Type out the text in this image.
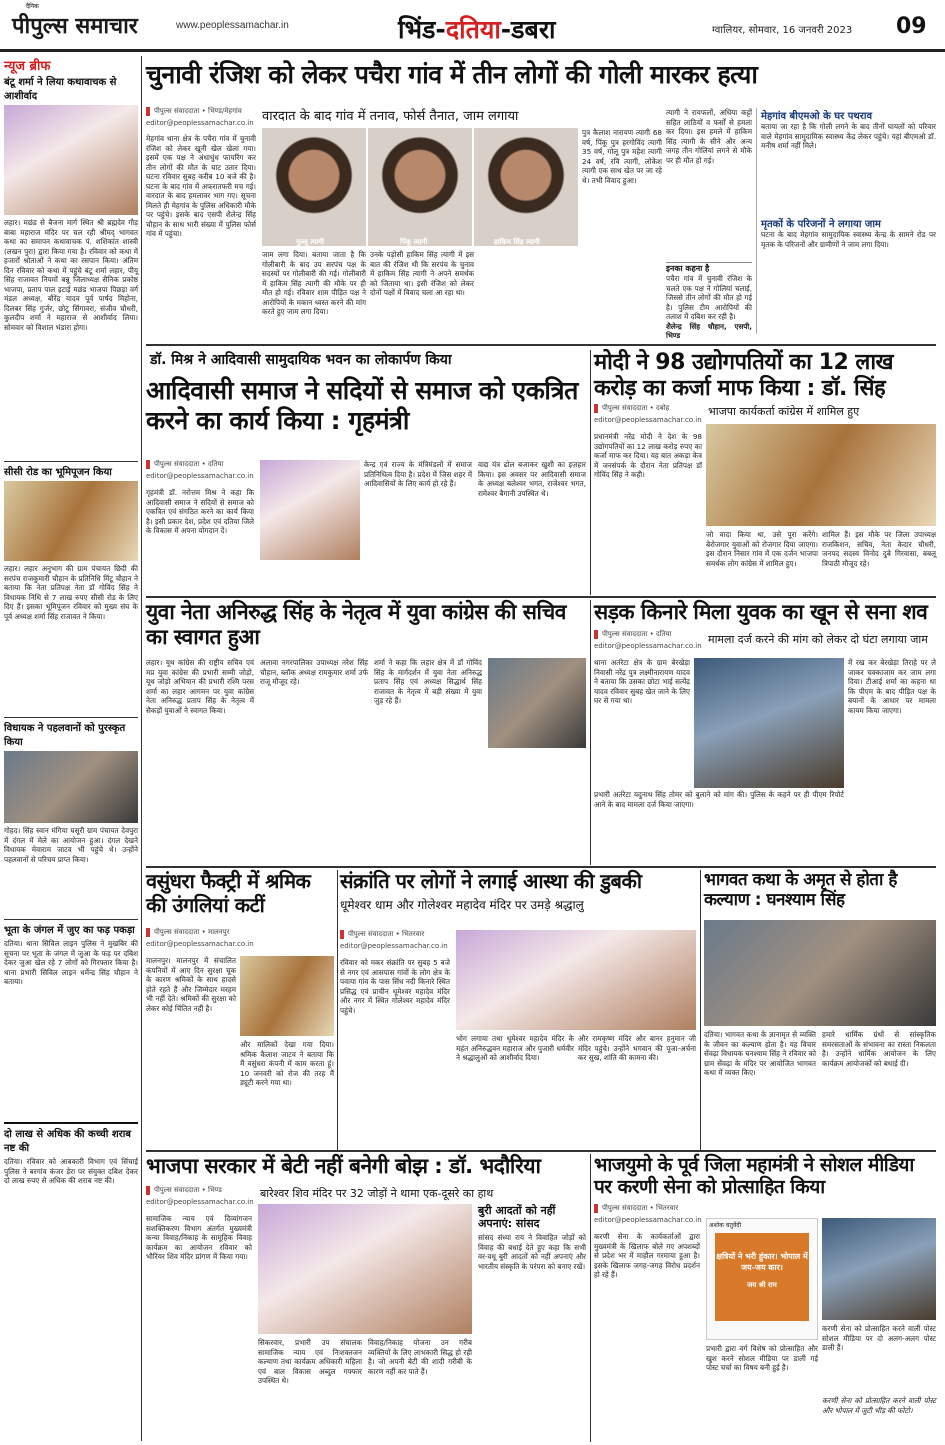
दैनिक
पीपुल्स समाचार	www.peoplessamachar.in	भिंड-दतिया-डबरा	ग्वालियर, सोमवार, 16 जनवरी 2023 09
न्यूज ब्रीफ
बंटू शर्मा ने लिया कथावाचक से आशीर्वाद
लहार। मछंड से बैजना मार्ग स्थित श्री ब्रह्मदेव गौड़ बाबा महाराज मंदिर पर चल रही श्रीमद् भागवत कथा का समापन कथावाचक पं. शशिकांत शास्त्री (लखन पुरा) द्वारा किया गया है। रविवार को कथा में हजारों श्रोताओं ने कथा का रसपान किया। अंतिम दिन रविवार को कथा में पहुंचे बंटू शर्मा लहार, पीयू सिंह राजावत नियमों बन्नू जिलाध्यक्ष सैनिक प्रकोष्ठ भाजपा, प्रताप पाल इटाई मछंड भाजपा पिछड़ा वर्ग मंडल अध्यक्ष, बौरेंद्र यादव पूर्व पार्षद मिहोना, दिलबर सिंह गुर्जर, छोटू सिंगावरा, संजीव चौधरी, कुलदीप शर्मा ने महाराज से आशीर्वाद लिया। सोमवार को विशाल भंडारा होगा।
सीसी रोड का भूमिपूजन किया
लहार। लहार अनुभाग की ग्राम पंचायत छिदी की सरपंच राजकुमारी चौहान के प्रतिनिधि मिंटू चौहान ने बताया कि नेता प्रतिपक्ष नेता डॉ गोविंद सिंह ने विधायक निधि से 7 लाख रुपए सीसी रोड के लिए दिए हैं। इसका भूमिपूजन रविवार को मुख्य संघ के पूर्व अध्यक्ष शर्मा सिंह राजावत ने किया।
विधायक ने पहलवानों को पुरस्कृत किया
गोहद। सिंह स्वान मंगिया घसूरी ग्राम पंचायत देवपुरा में दंगल में मेले का आयोजन हुआ। दंगल देखने विधायक मेवाराम जाटव भी पहुंचे थे। उन्होंने पहलवानों से परिचय प्राप्त किया।
भूता के जंगल में जुए का फड़ पकड़ा
दतिया। थाना सिविल लाइन पुलिस ने मुखबिर की सूचना पर भूता के जंगल में जुआ के फड़ पर दबिश देकर जुआ खेल रहे 7 लोगों को गिरफ्तार किया है। थाना प्रभारी सिविल लाइन धर्मेन्द्र सिंह चौहान ने बताया।
दो लाख से अधिक की कच्ची शराब नष्ट की
दतिया। रविवार को आबकारी विभाग एवं सिंचाई पुलिस ने बरगांव कंजर डेरा पर संयुक्त दबिश देकर दो लाख रुपए से अधिक की शराब नष्ट की।
चुनावी रंजिश को लेकर पचैरा गांव में तीन लोगों की गोली मारकर हत्या
पीपुल्स संवाददाता • भिण्ड/मेहगांव
editor@peoplessamachar.co.in वारदात के बाद गांव में तनाव, फोर्स तैनात, जाम लगाया
मेहगांव थाना क्षेत्र के पचैरा गांव में चुनावी रंजिश को लेकर खूनी खेल खेला गया। इसमें एक पक्ष ने अंधाधुंध फायरिंग कर तीन लोगों की मौत के घाट उतार दिया। घटना रविवार सुबह करीब 10 बजे की है। घटना के बाद गांव में अफरातफरी मच गई। वारदात के बाद हमलावर भाग गए। सूचना मिलते ही मेहगांव के पुलिस अधिकारी मौके पर पहुंचे। इसके बाद एसपी शैलेन्द्र सिंह चौहान के साथ भारी संख्या में पुलिस फोर्स गांव में पहुंचा।
गुल्लू त्यागी	पिंकू त्यागी	हाकिम सिंह त्यागी
जाम लगा दिया। बताया जाता है कि गोलीबारी के बाद उप सरपंच पक्ष के सदस्यों पर गोलीबारी की गई। गोलीबारी में हाकिम सिंह त्यागी की मौके पर ही मौत हो गई। रविवार शाम पीड़ित पक्ष ने आरोपियों के मकान ध्वस्त करने की मांग करते हुए जाम लगा दिया।
उनके पड़ोसी हाकिम सिंह त्यागी में इस बात की रंजिश थी कि सरपंच के चुनाव में हाकिम सिंह त्यागी ने अपने समर्थक को जिताया था। इसी रंजिश को लेकर दोनों पक्षों में विवाद चला आ रहा था।
पुत्र कैलाश नारायण त्यागी 68 वर्ष, पिंकू पुत्र हरगोविंद त्यागी 35 वर्ष, गोलू पुत्र महेश त्यागी 24 वर्ष, रवि त्यागी, लोकेश त्यागी एक साथ खेत पर जा रहे थे। तभी विवाद हुआ।
त्यागी ने रायफलों, अधिया कट्टों सहित लाठियों व फर्सों से हमला कर दिया। इस हमले में हाकिम सिंह त्यागी के सीने और अन्य जगह तीन गोलियां लगने से मौके पर ही मौत हो गई।
इनका कहना है
पचैरा गांव में चुनावी रंजिश के चलते एक पक्ष ने गोलियां चलाई, जिससे तीन लोगों की मौत हो गई है। पुलिस टीम आरोपियों की तलाश में दबिश कर रही है।
शैलेन्द्र सिंह चौहान, एसपी, भिण्ड
मेहगांव बीएमओ के घर पथराव
बताया जा रहा है कि गोली लगने के बाद तीनों घायलों को परिवार वाले मेहगांव सामुदायिक स्वास्थ्य केंद्र लेकर पहुंचे। यहां बीएमओ डॉ. मनीष शर्मा नहीं मिले।
मृतकों के परिजनों ने लगाया जाम
घटना के बाद मेहगांव सामुदायिक स्वास्थ्य केन्द्र के सामने रोड पर मृतक के परिजनों और ग्रामीणों ने जाम लगा दिया।
डॉ. मिश्र ने आदिवासी सामुदायिक भवन का लोकार्पण किया
आदिवासी समाज ने सदियों से समाज को एकत्रित करने का कार्य किया : गृहमंत्री
पीपुल्स संवाददाता • दतिया
editor@peoplessamachar.co.in
गृहमंत्री डॉ. नरोत्तम मिश्र ने कहा कि आदिवासी समाज ने सदियों से समाज को एकत्रित एवं संगठित करने का कार्य किया है। इसी प्रकार देश, प्रदेश एवं दतिया जिले के विकास में अपना योगदान दें।
केन्द्र एवं राज्य के मंत्रिमंडलों में समाज प्रतिनिधित्व दिया है। प्रदेश में जिस शहर में आदिवासियों के लिए कार्य हो रहे हैं।
वाद्य यंत्र ढोल बजाकर खुशी का इज़हार किया। इस अवसर पर आदिवासी समाज के अध्यक्ष बलेश्वर भगत, राजेश्वर भगत, रामेश्वर बैगानी उपस्थित थे।
मोदी ने 98 उद्योगपतियों का 12 लाख करोड़ का कर्जा माफ किया : डॉ. सिंह
पीपुल्स संवाददाता • दबोह
editor@peoplessamachar.co.in
भाजपा कार्यकर्ता कांग्रेस में शामिल हुए
प्रधानमंत्री नरेंद्र मोदी ने देश के 98 उद्योगपतियों का 12 लाख करोड़ रुपए का कर्जा माफ कर दिया। यह बात अकड़ा केत्र में जनसंपर्क के दौरान नेता प्रतिपक्ष डॉ गोविंद सिंह ने कही।
जो वादा किया था, उसे पूरा करेंगे। बेरोजगार युवाओं को रोजगार दिया जाएगा। इस दौरान निसार गांव में एक दर्जन भाजपा समर्थक लोग कांग्रेस में शामिल हुए।
शामिल हैं। इस मौके पर जिला उपाध्यक्ष राजकिशन, सचिव, नेता केदार चौधरी, जनपद सदस्य विनोद दुबे गिरवासा, बबलू त्रिपाठी मौजूद रहे।
युवा नेता अनिरुद्ध सिंह के नेतृत्व में युवा कांग्रेस की सचिव का स्वागत हुआ
लहार। यूथ कांग्रेस की राष्ट्रीय सचिव एवं मप्र युवा कांग्रेस की प्रभारी सम्मी जोड़ो, यूथ जोड़ो अभियान की प्रभारी रश्मि परस शर्मा का लहार आगमन पर युवा कांग्रेस नेता अनिरुद्ध प्रताप सिंह के नेतृत्व में सैकड़ों युवाओं ने स्वागत किया।
अलावा नगरपालिका उपाध्यक्ष नरेश सिंह चौहान, ब्लॉक अध्यक्ष रामकुमार शर्मा उर्फ राजू मौजूद रहे।
शर्मा ने कहा कि लहार क्षेत्र में डॉ गोविंद सिंह के मार्गदर्शन में युवा नेता अनिरुद्ध प्रताप सिंह एवं अध्यक्ष सिद्धार्थ सिंह राजावत के नेतृत्व में बड़ी संख्या में युवा जुड़ रहे हैं।
सड़क किनारे मिला युवक का खून से सना शव
पीपुल्स संवाददाता • दतिया
editor@peoplessamachar.co.in मामला दर्ज करने की मांग को लेकर दो घंटा लगाया जाम
थाना अतंरेटा क्षेत्र के ग्राम बेरखेड़ा निवासी नरेंद्र पुत्र लक्ष्मीनारायण यादव ने बताया कि उसका छोटा भाई सत्येंद्र यादव रविवार सुबह खेत जाने के लिए घर से गया था।
में रख कर बेरखेड़ा तिराहे पर ले जाकर चक्काजाम कर जाम लगा दिया। टीआई शर्मा का कहना था कि पीएम के बाद पीड़ित पक्ष के बयानों के आधार पर मामला कायम किया जाएगा।
प्रभारी अतंरेटा यदुनाथ सिंह तोमर को बुलाने को मांग की। पुलिस के कहने पर ही पीएम रिपोर्ट आने के बाद मामला दर्ज किया जाएगा।
वसुंधरा फैक्ट्री में श्रमिक की उंगलियां कटीं
पीपुल्स संवाददाता • मालनपुर
editor@peoplessamachar.co.in
मालनपुर। मालनपुर में संचालित कंपनियों में आए दिन सुरक्षा चूक के कारण श्रमिकों के साथ हादसे होते रहते हैं और जिम्मेदार मरहम भी नहीं देते। श्रमिकों की सुरक्षा को लेकर कोई चिंतित नहीं है।
और मालिकों देखा गया दिया। श्रमिक कैलाश जाटव ने बताया कि मैं वसुंधरा कंपनी में काम करता हूं। 10 जनवरी को रोज की तरह मैं ड्यूटी करने गया था।
संक्रांति पर लोगों ने लगाई आस्था की डुबकी
धूमेश्वर धाम और गोलेश्वर महादेव मंदिर पर उमड़े श्रद्धालु
पीपुल्स संवाददाता • भितरवार
editor@peoplessamachar.co.in
रविवार को मकर संक्रांति पर सुबह 5 बजे से नगर एवं आसपास गांवों के लोग क्षेत्र के पवाया गांव के पास सिंध नदी किनारे स्थित प्रसिद्ध एवं प्राचीन धूमेश्वर महादेव मंदिर और नगर में स्थित गोलेश्वर महादेव मंदिर पहुंचे।
भोग लगाया तथा धूमेश्वर महादेव मंदिर के महंत अनिरुद्धवन महाराज और पुजारी धर्मवीर ने श्रद्धालुओं को आशीर्वाद दिया।
और रामकृष्ण मंदिर और बानर हनुमान जी मंदिर पहुंचे। उन्होंने भगवान की पूजा-अर्चना कर सुख, शांति की कामना की।
भागवत कथा के अमृत से होता है कल्याण : घनश्याम सिंह
दतिया। भागवत कथा के ज्ञानामृत से व्यक्ति के जीवन का कल्याण होता है। यह विचार सेंवढ़ा विधायक घनश्याम सिंह ने रविवार को ग्राम सेंवढ़ा के मंदिर पर आयोजित भागवत कथा में व्यक्त किए।
हमारे धार्मिक ग्रंथों से सांस्कृतिक समरसताओं के संभावना का रास्ता निकलता है। उन्होंने धार्मिक आयोजन के लिए कार्यक्रम आयोजकों को बधाई दी।
भाजपा सरकार में बेटी नहीं बनेगी बोझ : डॉ. भदौरिया
पीपुल्स संवाददाता • भिण्ड
editor@peoplessamachar.co.in
बारेश्वर शिव मंदिर पर 32 जोड़ों ने थामा एक-दूसरे का हाथ
सामाजिक न्याय एवं दिव्यांगजन सशक्तिकरण विभाग अंतर्गत मुख्यमंत्री कन्या विवाह/निकाह के सामूहिक विवाह कार्यक्रम का आयोजन रविवार को भौरिंयर शिव मंदिर प्रांगण में किया गया।
सिकरवार, प्रभारी उप संचालक सामाजिक न्याय एवं निःशक्तजन कल्याण तथा कार्यक्रम अधिकारी महिला एवं बाल विकास अब्दुल गफ्फार उपस्थित थे।
विवाह/निकाह योजना उन गरीब व्यक्तियों के लिए लाभकारी सिद्ध हो रही है। जो अपनी बेटी की शादी गरीबी के कारण नहीं कर पाते हैं।
बुरी आदतों को नहीं अपनाएं: सांसद
सांसद संध्या राय ने विवाहित जोड़ों को विवाह की बधाई देते हुए कहा कि सभी वर-वधू बुरी आदतों को नहीं अपनाएं और भारतीय संस्कृति के परंपरा को बनाए रखें।
भाजयुमो के पूर्व जिला महामंत्री ने सोशल मीडिया पर करणी सेना को प्रोत्साहित किया
पीपुल्स संवाददाता • भितरवार
editor@peoplessamachar.co.in
करणी सेना के कार्यकर्ताओं द्वारा मुख्यमंत्री के खिलाफ बोले गए अपशब्दों से प्रदेश भर में माहौल गरमाया हुआ है। इसके खिलाफ जगह-जगह विरोध प्रदर्शन हो रहे हैं।
अशोक चतुर्वेदी
क्षत्रियों ने भरी हुंकार। भोपाल में जय-जय कार।
जय श्री राम
प्रभारी द्वारा वर्ग विशेष को प्रोत्साहित और खुश करने सोशल मीडिया पर डाली गई पोस्ट चर्चा का विषय बनी हुई है।
करणी सेना को प्रोत्साहित करने वाली पोस्ट सोशल मीडिया पर दो अलग-अलग पोस्ट डाली हैं।
करणी सेना को प्रोत्साहित करने वाली पोस्ट और भोपाल में जुटी भीड़ की फोटो।
